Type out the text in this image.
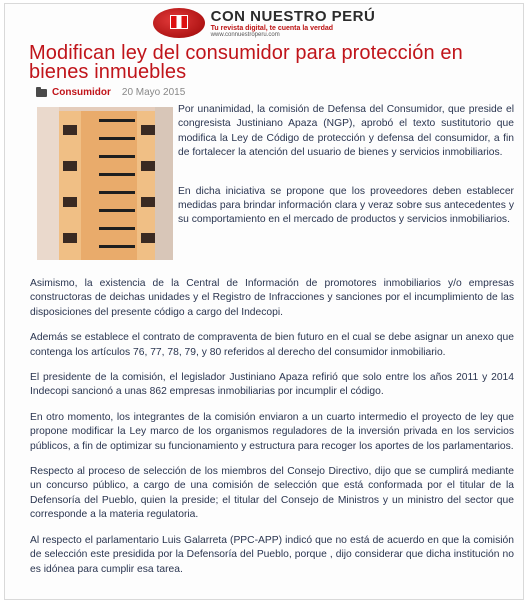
CON NUESTRO PERÚ
Tu revista digital, te cuenta la verdad
www.connuestroperu.com
Modifican ley del consumidor para protección en bienes inmuebles
Consumidor 20 Mayo 2015

Por unanimidad, la comisión de Defensa del Consumidor, que preside el congresista Justiniano Apaza (NGP), aprobó el texto sustitutorio que modifica la Ley de Código de protección y defensa del consumidor, a fin de fortalecer la atención del usuario de bienes y servicios inmobiliarios.

En dicha iniciativa se propone que los proveedores deben establecer medidas para brindar información clara y veraz sobre sus antecedentes y su comportamiento en el mercado de productos y servicios inmobiliarios.

Asimismo, la existencia de la Central de Información de promotores inmobiliarios y/o empresas constructoras de deichas unidades y el Registro de Infracciones y sanciones por el incumplimiento de las disposiciones del presente código a cargo del Indecopi.

Además se establece el contrato de compraventa de bien futuro en el cual se debe asignar un anexo que contenga los artículos 76, 77, 78, 79, y 80 referidos al derecho del consumidor inmobiliario.

El presidente de la comisión, el legislador Justiniano Apaza refirió que solo entre los años 2011 y 2014 Indecopi sancionó a unas 862 empresas inmobiliarias por incumplir el código.

En otro momento, los integrantes de la comisión enviaron a un cuarto intermedio el proyecto de ley que propone modificar la Ley marco de los organismos reguladores de la inversión privada en los servicios públicos, a fin de optimizar su funcionamiento y estructura para recoger los aportes de los parlamentarios.

Respecto al proceso de selección de los miembros del Consejo Directivo, dijo que se cumplirá mediante un concurso público, a cargo de una comisión de selección que está conformada por el titular de la Defensoría del Pueblo, quien la preside; el titular del Consejo de Ministros y un ministro del sector que corresponde a la materia regulatoria.

Al respecto el parlamentario Luis Galarreta (PPC-APP) indicó que no está de acuerdo en que la comisión de selección este presidida por la Defensoría del Pueblo, porque , dijo considerar que dicha institución no es idónea para cumplir esa tarea.
